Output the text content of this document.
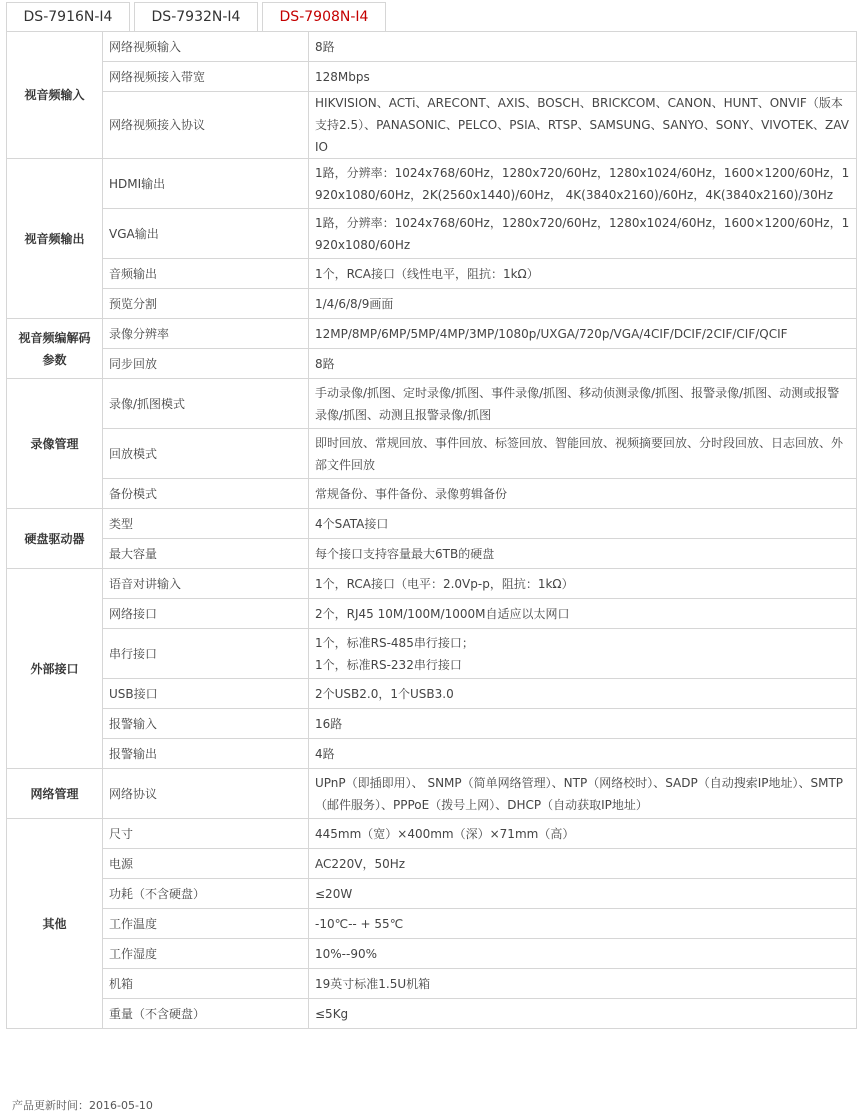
DS-7916N-I4	DS-7932N-I4	DS-7908N-I4
视音频输入	网络视频输入	8路
	网络视频接入带宽	128Mbps
	网络视频接入协议	HIKVISION、ACTi、ARECONT、AXIS、BOSCH、BRICKCOM、CANON、HUNT、ONVIF（版本支持2.5）、PANASONIC、PELCO、PSIA、RTSP、SAMSUNG、SANYO、SONY、VIVOTEK、ZAVIO
视音频输出	HDMI输出	1路，分辨率：1024x768/60Hz，1280x720/60Hz，1280x1024/60Hz，1600×1200/60Hz，1920x1080/60Hz，2K(2560x1440)/60Hz， 4K(3840x2160)/60Hz，4K(3840x2160)/30Hz
	VGA输出	1路，分辨率：1024x768/60Hz，1280x720/60Hz，1280x1024/60Hz，1600×1200/60Hz，1920x1080/60Hz
	音频输出	1个，RCA接口（线性电平，阻抗：1kΩ）
	预览分割	1/4/6/8/9画面
视音频编解码参数	录像分辨率	12MP/8MP/6MP/5MP/4MP/3MP/1080p/UXGA/720p/VGA/4CIF/DCIF/2CIF/CIF/QCIF
	同步回放	8路
录像管理	录像/抓图模式	手动录像/抓图、定时录像/抓图、事件录像/抓图、移动侦测录像/抓图、报警录像/抓图、动测或报警录像/抓图、动测且报警录像/抓图
	回放模式	即时回放、常规回放、事件回放、标签回放、智能回放、视频摘要回放、分时段回放、日志回放、外部文件回放
	备份模式	常规备份、事件备份、录像剪辑备份
硬盘驱动器	类型	4个SATA接口
	最大容量	每个接口支持容量最大6TB的硬盘
外部接口	语音对讲输入	1个，RCA接口（电平：2.0Vp-p，阻抗：1kΩ）
	网络接口	2个，RJ45 10M/100M/1000M自适应以太网口
	串行接口	1个，标准RS-485串行接口；
1个，标准RS-232串行接口
	USB接口	2个USB2.0，1个USB3.0
	报警输入	16路
	报警输出	4路
网络管理	网络协议	UPnP（即插即用）、 SNMP（简单网络管理）、NTP（网络校时）、SADP（自动搜索IP地址）、SMTP（邮件服务）、PPPoE（拨号上网）、DHCP（自动获取IP地址）
其他	尺寸	445mm（宽）×400mm（深）×71mm（高）
	电源	AC220V，50Hz
	功耗（不含硬盘）	≤20W
	工作温度	-10℃-- + 55℃
	工作湿度	10%--90%
	机箱	19英寸标准1.5U机箱
	重量（不含硬盘）	≤5Kg
产品更新时间：2016-05-10
